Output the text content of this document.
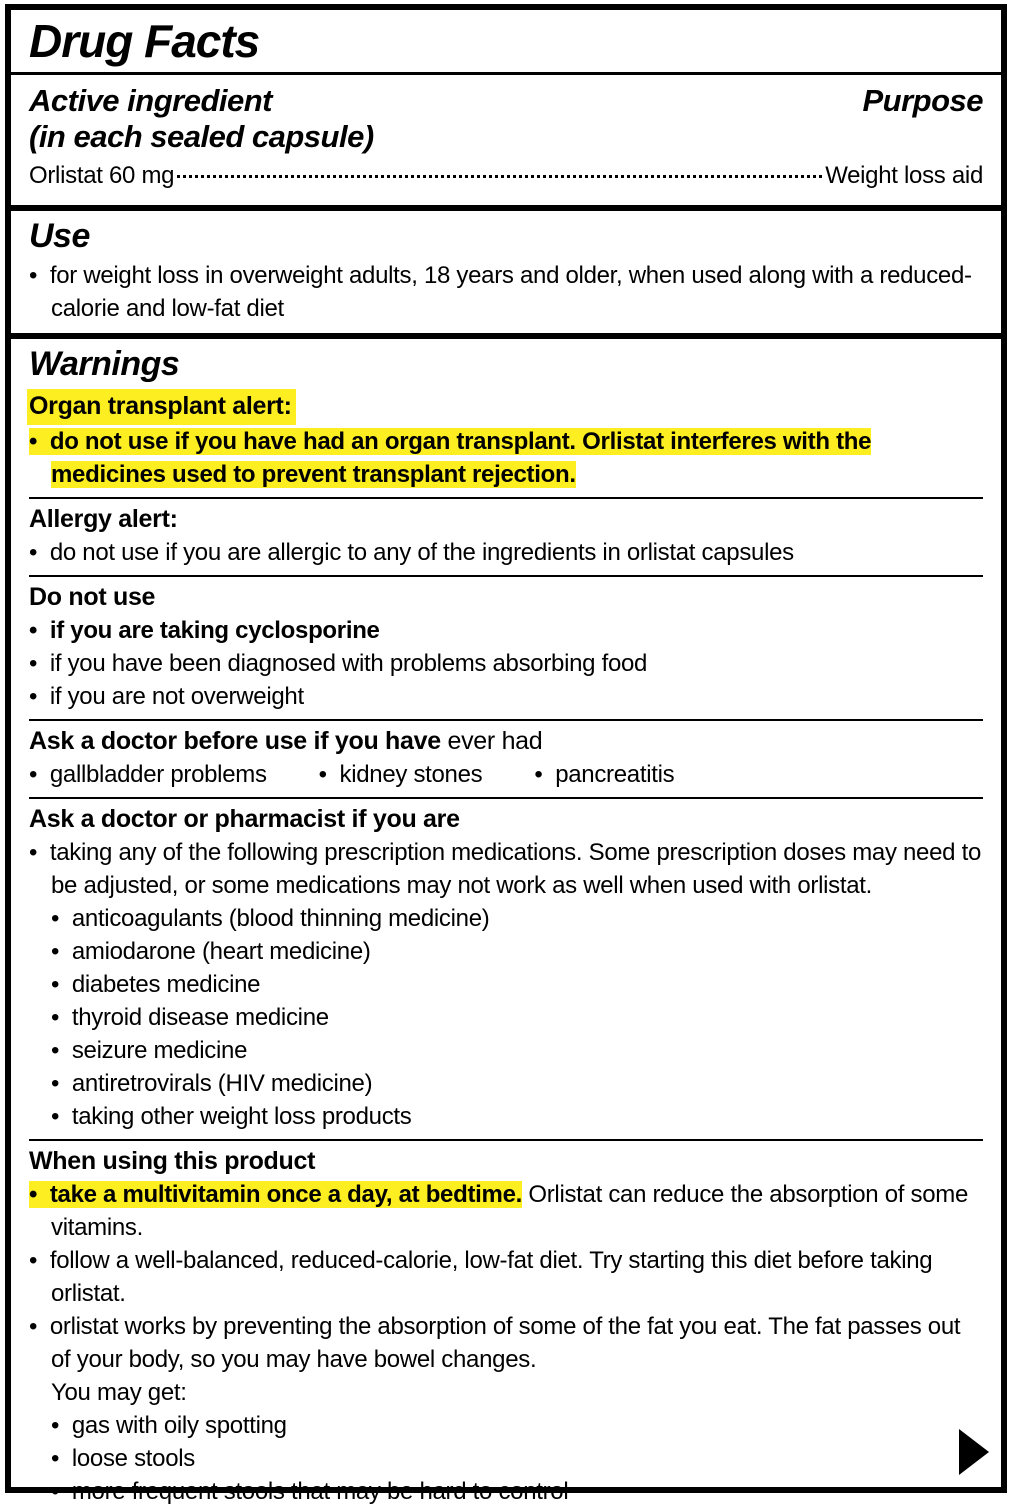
Drug Facts
Active ingredient
(in each sealed capsule)
Purpose
Orlistat 60 mg	Weight loss aid
Use
•  for weight loss in overweight adults, 18 years and older, when used along with a reduced-calorie and low-fat diet
Warnings
Organ transplant alert:
•  do not use if you have had an organ transplant. Orlistat interferes with the medicines used to prevent transplant rejection.
Allergy alert:
•  do not use if you are allergic to any of the ingredients in orlistat capsules
Do not use
•  if you are taking cyclosporine
•  if you have been diagnosed with problems absorbing food
•  if you are not overweight
Ask a doctor before use if you have ever had
•  gallbladder problems	•  kidney stones	•  pancreatitis
Ask a doctor or pharmacist if you are
•  taking any of the following prescription medications. Some prescription doses may need to be adjusted, or some medications may not work as well when used with orlistat.
•  anticoagulants (blood thinning medicine)
•  amiodarone (heart medicine)
•  diabetes medicine
•  thyroid disease medicine
•  seizure medicine
•  antiretrovirals (HIV medicine)
•  taking other weight loss products
When using this product
•  take a multivitamin once a day, at bedtime. Orlistat can reduce the absorption of some vitamins.
•  follow a well-balanced, reduced-calorie, low-fat diet. Try starting this diet before taking orlistat.
•  orlistat works by preventing the absorption of some of the fat you eat. The fat passes out of your body, so you may have bowel changes.
You may get:
•  gas with oily spotting
•  loose stools
•  more frequent stools that may be hard to control
